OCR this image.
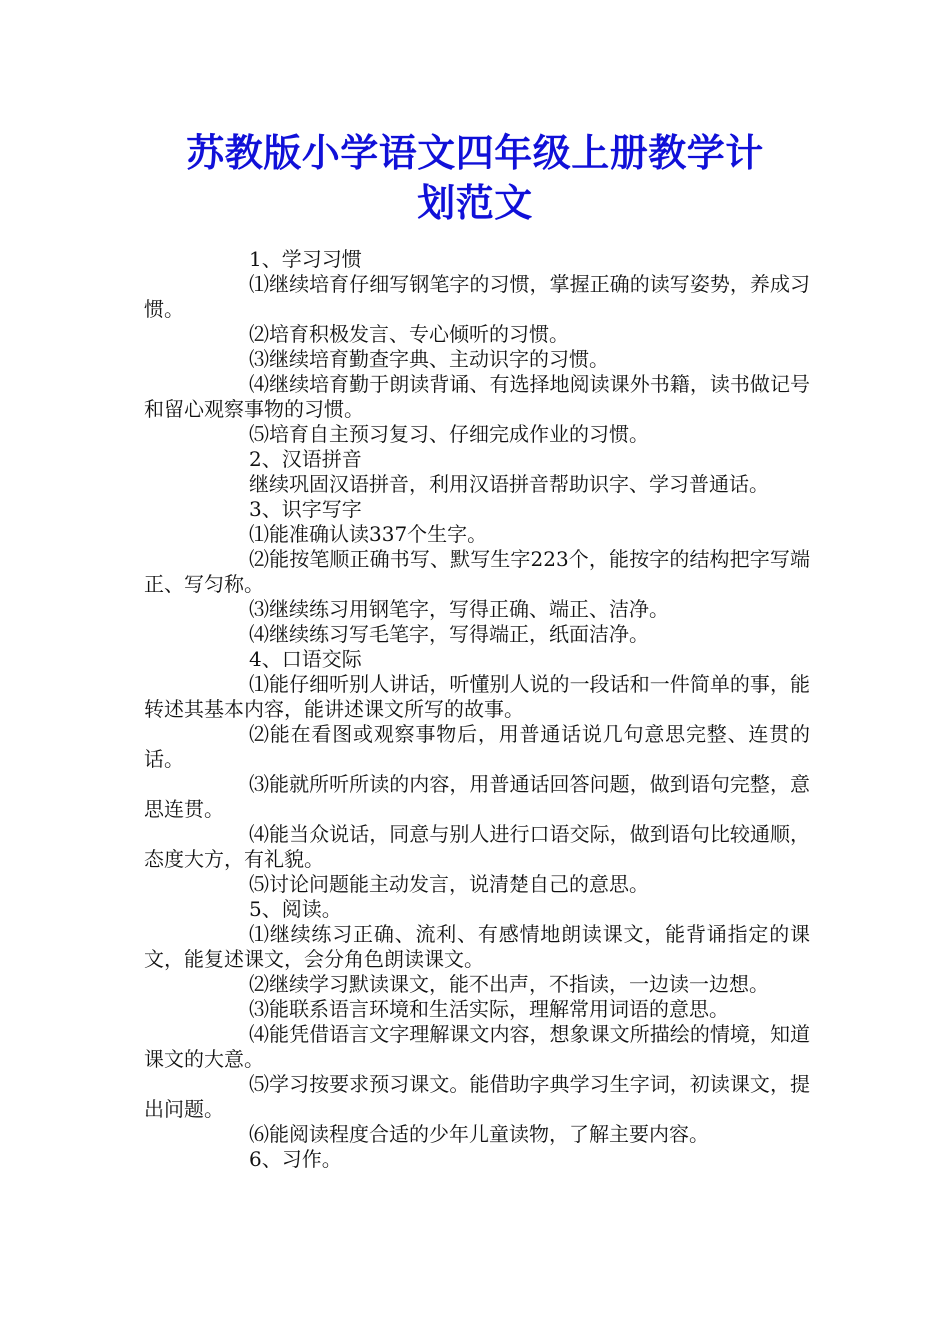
苏教版小学语文四年级上册教学计
划范文

1、学习习惯

⑴继续培育仔细写钢笔字的习惯，掌握正确的读写姿势，养成习惯。

⑵培育积极发言、专心倾听的习惯。

⑶继续培育勤查字典、主动识字的习惯。

⑷继续培育勤于朗读背诵、有选择地阅读课外书籍，读书做记号和留心观察事物的习惯。

⑸培育自主预习复习、仔细完成作业的习惯。

2、汉语拼音

继续巩固汉语拼音，利用汉语拼音帮助识字、学习普通话。

3、识字写字

⑴能准确认读337个生字。

⑵能按笔顺正确书写、默写生字223个，能按字的结构把字写端正、写匀称。

⑶继续练习用钢笔字，写得正确、端正、洁净。

⑷继续练习写毛笔字，写得端正，纸面洁净。

4、口语交际

⑴能仔细听别人讲话，听懂别人说的一段话和一件简单的事，能转述其基本内容，能讲述课文所写的故事。

⑵能在看图或观察事物后，用普通话说几句意思完整、连贯的话。

⑶能就所听所读的内容，用普通话回答问题，做到语句完整，意思连贯。

⑷能当众说话，同意与别人进行口语交际，做到语句比较通顺，态度大方，有礼貌。

⑸讨论问题能主动发言，说清楚自己的意思。

5、阅读。

⑴继续练习正确、流利、有感情地朗读课文，能背诵指定的课文，能复述课文，会分角色朗读课文。

⑵继续学习默读课文，能不出声，不指读，一边读一边想。

⑶能联系语言环境和生活实际，理解常用词语的意思。

⑷能凭借语言文字理解课文内容，想象课文所描绘的情境，知道课文的大意。

⑸学习按要求预习课文。能借助字典学习生字词，初读课文，提出问题。

⑹能阅读程度合适的少年儿童读物，了解主要内容。

6、习作。
